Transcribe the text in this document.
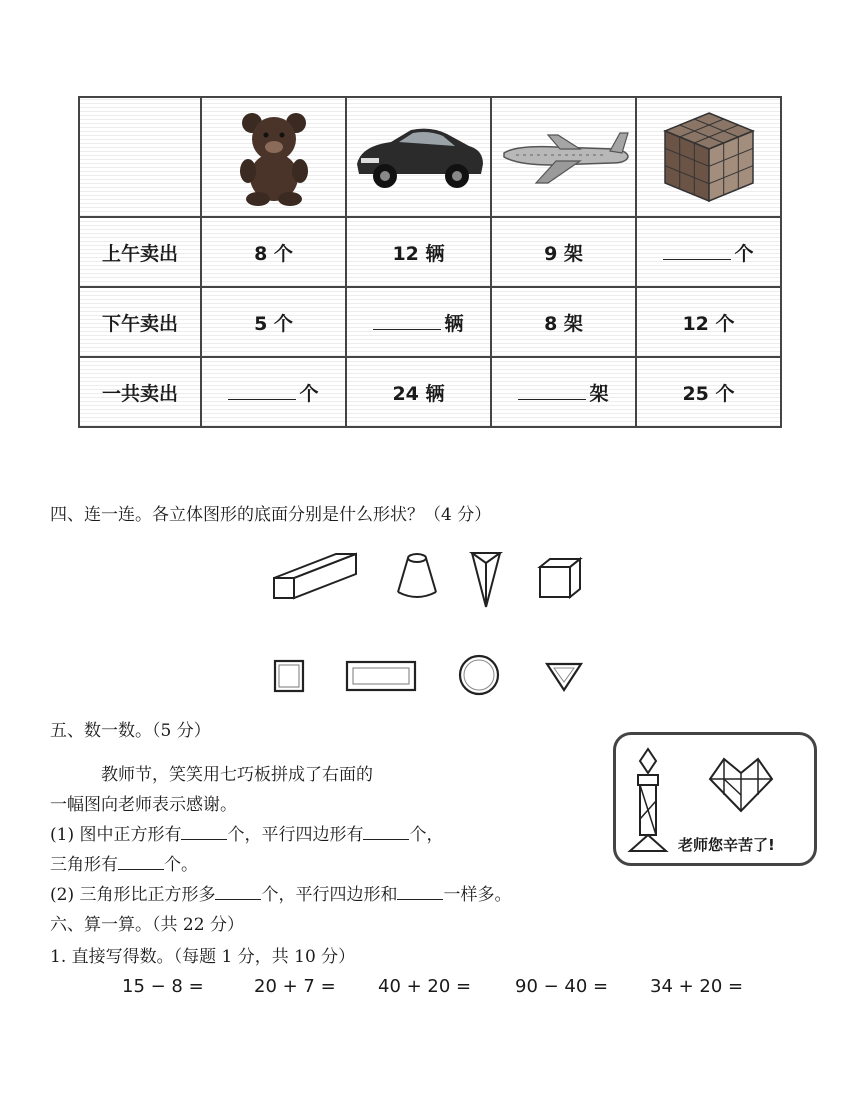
上午卖出	8 个	12 辆	9 架	个
下午卖出	5 个	辆	8 架	12 个
一共卖出	个	24 辆	架	25 个
四、连一连。各立体图形的底面分别是什么形状？（4 分）
五、数一数。（5 分）
教师节，笑笑用七巧板拼成了右面的
一幅图向老师表示感谢。
(1) 图中正方形有	个，平行四边形有	个，
三角形有	个。
(2) 三角形比正方形多	个，平行四边形和	一样多。
老师您辛苦了!
六、算一算。（共 22 分）
1. 直接写得数。（每题 1 分，共 10 分）
15 − 8 =	20 + 7 = 40 + 20 = 90 − 40 = 34 + 20 =
